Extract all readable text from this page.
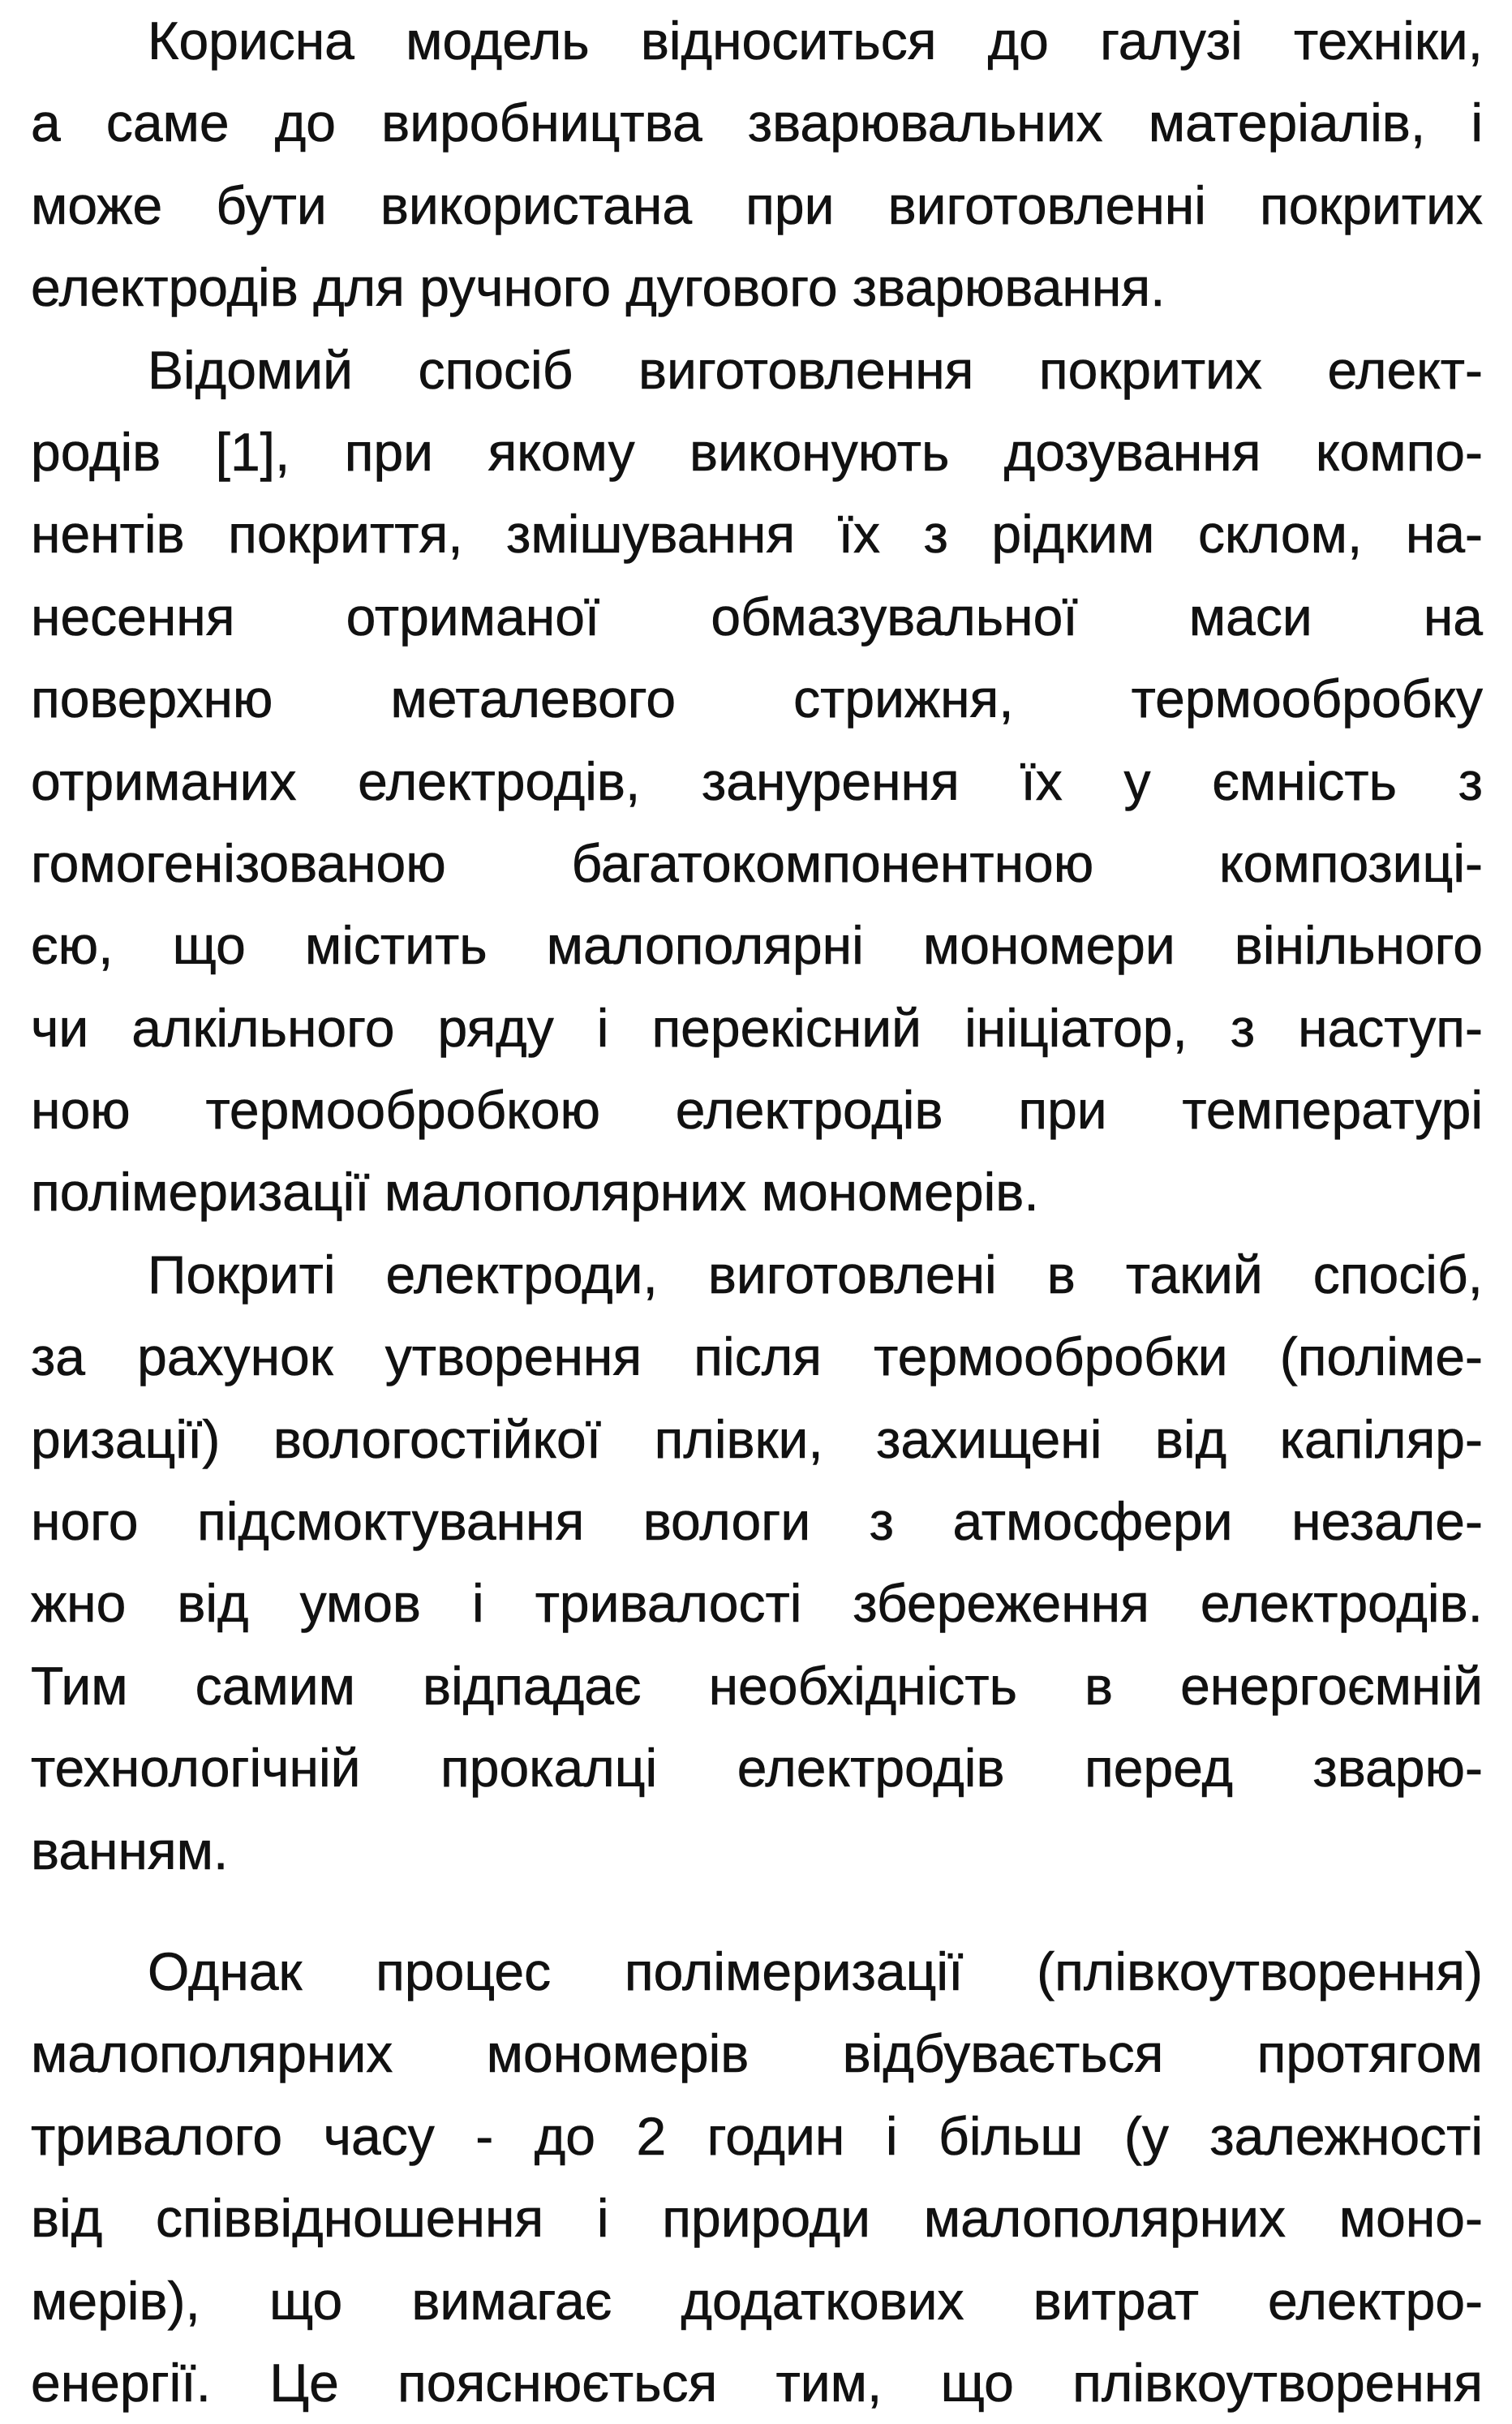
Корисна модель відноситься до галузі техніки,
а саме до виробництва зварювальних матеріалів, і
може бути використана при виготовленні покритих
електродів для ручного дугового зварювання.
Відомий спосіб виготовлення покритих елект-
родів [1], при якому виконують дозування компо-
нентів покриття, змішування їх з рідким склом, на-
несення отриманої обмазувальної маси на
поверхню металевого стрижня, термообробку
отриманих електродів, занурення їх у ємність з
гомогенізованою багатокомпонентною композиці-
єю, що містить малополярні мономери вінільного
чи алкільного ряду і перекісний ініціатор, з наступ-
ною термообробкою електродів при температурі
полімеризації малополярних мономерів.
Покриті електроди, виготовлені в такий спосіб,
за рахунок утворення після термообробки (полімe-
ризації) вологостійкої плівки, захищені від капіляр-
ного підсмоктування вологи з атмосфери незале-
жно від умов і тривалості збереження електродів.
Тим самим відпадає необхідність в енергоємній
технологічній прокалці електродів перед зварю-
ванням.
Однак процес полімеризації (плівкоутворення)
малополярних мономерів відбувається протягом
тривалого часу - до 2 годин і більш (у залежності
від співвідношення і природи малополярних моно-
мерів), що вимагає додаткових витрат електро-
енергії. Це пояснюється тим, що плівкоутворення
